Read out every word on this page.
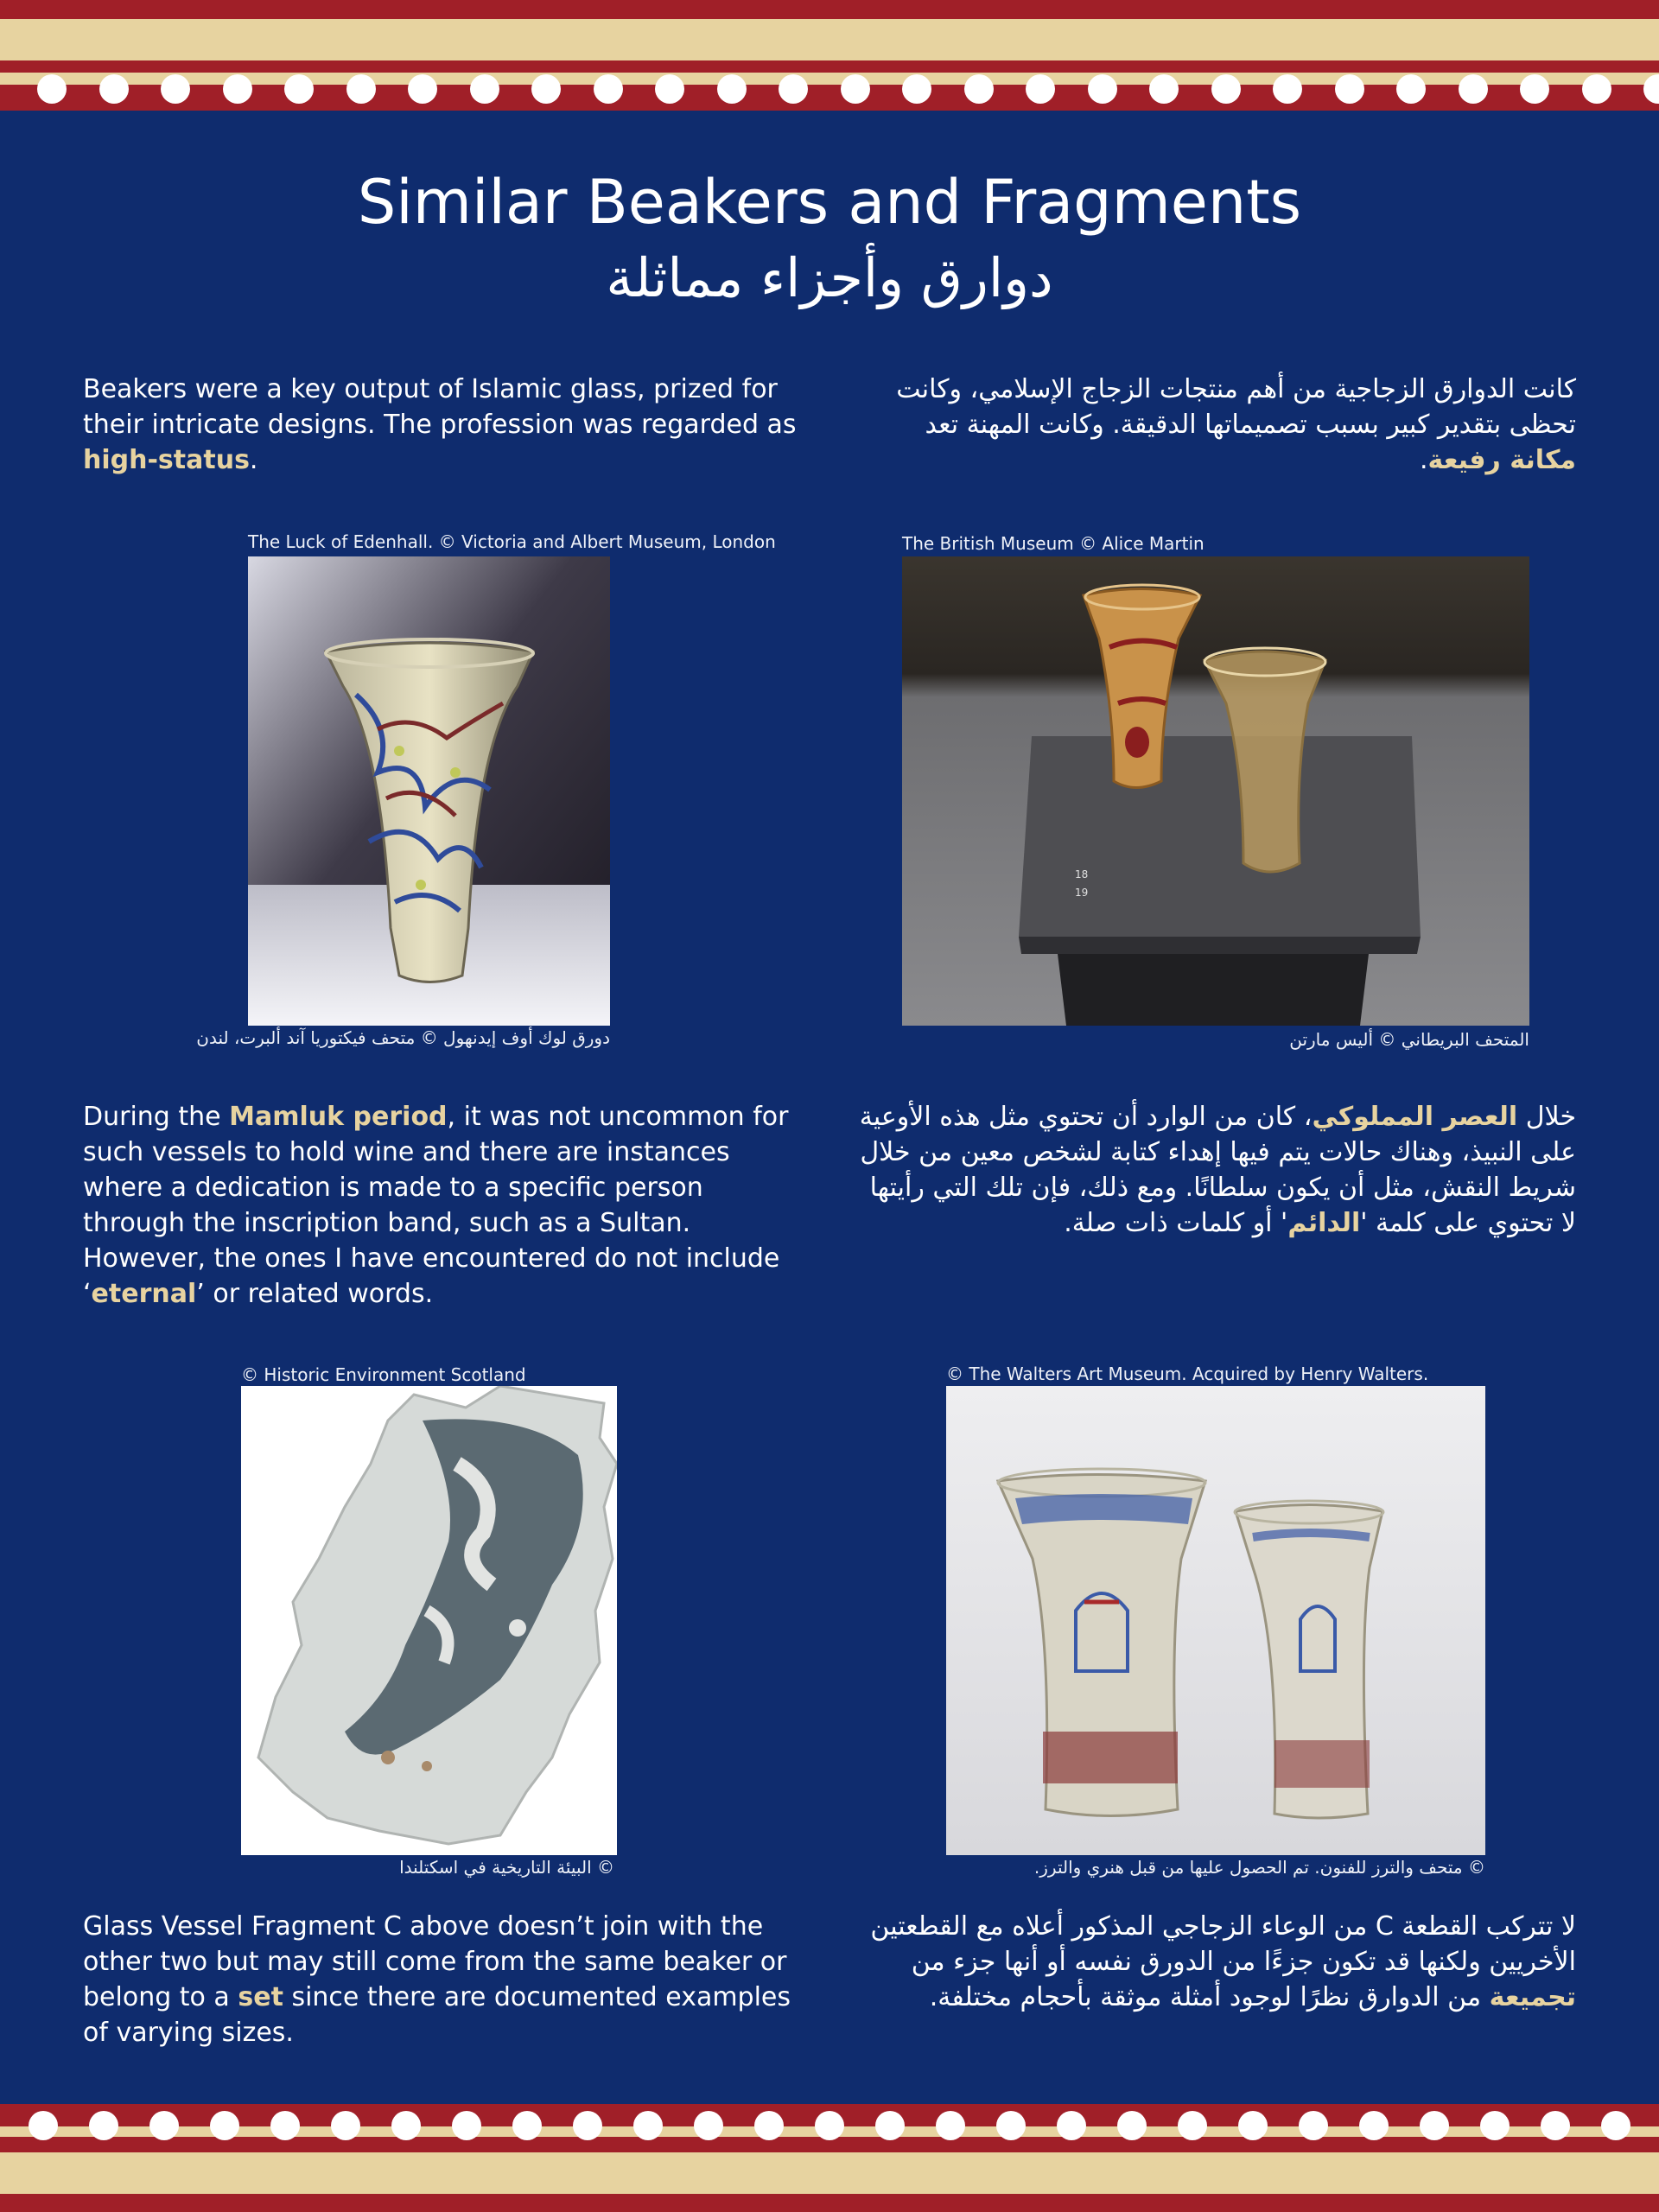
Similar Beakers and Fragments
دوارق وأجزاء مماثلة

Beakers were a key output of Islamic glass, prized for their intricate designs. The profession was regarded as high-status.

كانت الدوارق الزجاجية من أهم منتجات الزجاج الإسلامي، وكانت تحظى بتقدير كبير بسبب تصميماتها الدقيقة. وكانت المهنة تعد مكانة رفيعة.

The Luck of Edenhall. © Victoria and Albert Museum, London
دورق لوك أوف إيدنهول © متحف فيكتوريا آند ألبرت، لندن
The British Museum © Alice Martin
18
19
المتحف البريطاني © أليس مارتن

During the Mamluk period, it was not uncommon for such vessels to hold wine and there are instances where a dedication is made to a specific person through the inscription band, such as a Sultan. However, the ones I have encountered do not include ‘eternal’ or related words.

خلال العصر المملوكي، كان من الوارد أن تحتوي مثل هذه الأوعية على النبيذ، وهناك حالات يتم فيها إهداء كتابة لشخص معين من خلال شريط النقش، مثل أن يكون سلطانًا. ومع ذلك، فإن تلك التي رأيتها لا تحتوي على كلمة 'الدائم' أو كلمات ذات صلة.

© Historic Environment Scotland
© البيئة التاريخية في اسكتلندا
© The Walters Art Museum. Acquired by Henry Walters.
© متحف والترز للفنون. تم الحصول عليها من قبل هنري والترز.

Glass Vessel Fragment C above doesn’t join with the other two but may still come from the same beaker or belong to a set since there are documented examples of varying sizes.

لا تتركب القطعة C من الوعاء الزجاجي المذكور أعلاه مع القطعتين الأخريين ولكنها قد تكون جزءًا من الدورق نفسه أو أنها جزء من تجميعة من الدوارق نظرًا لوجود أمثلة موثقة بأحجام مختلفة.
